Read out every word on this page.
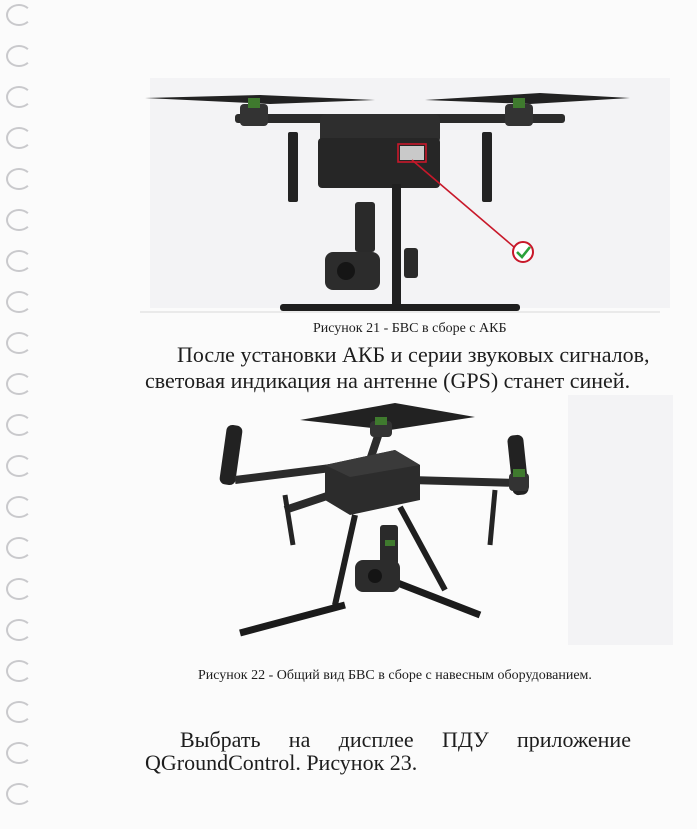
Рисунок 21 - БВС в сборе с АКБ
После установки АКБ и серии звуковых сигналов,
световая индикация на антенне (GPS) станет синей.
Рисунок 22 - Общий вид БВС в сборе с навесным оборудованием.
Выбрать на дисплее ПДУ приложение
QGroundControl. Рисунок 23.
